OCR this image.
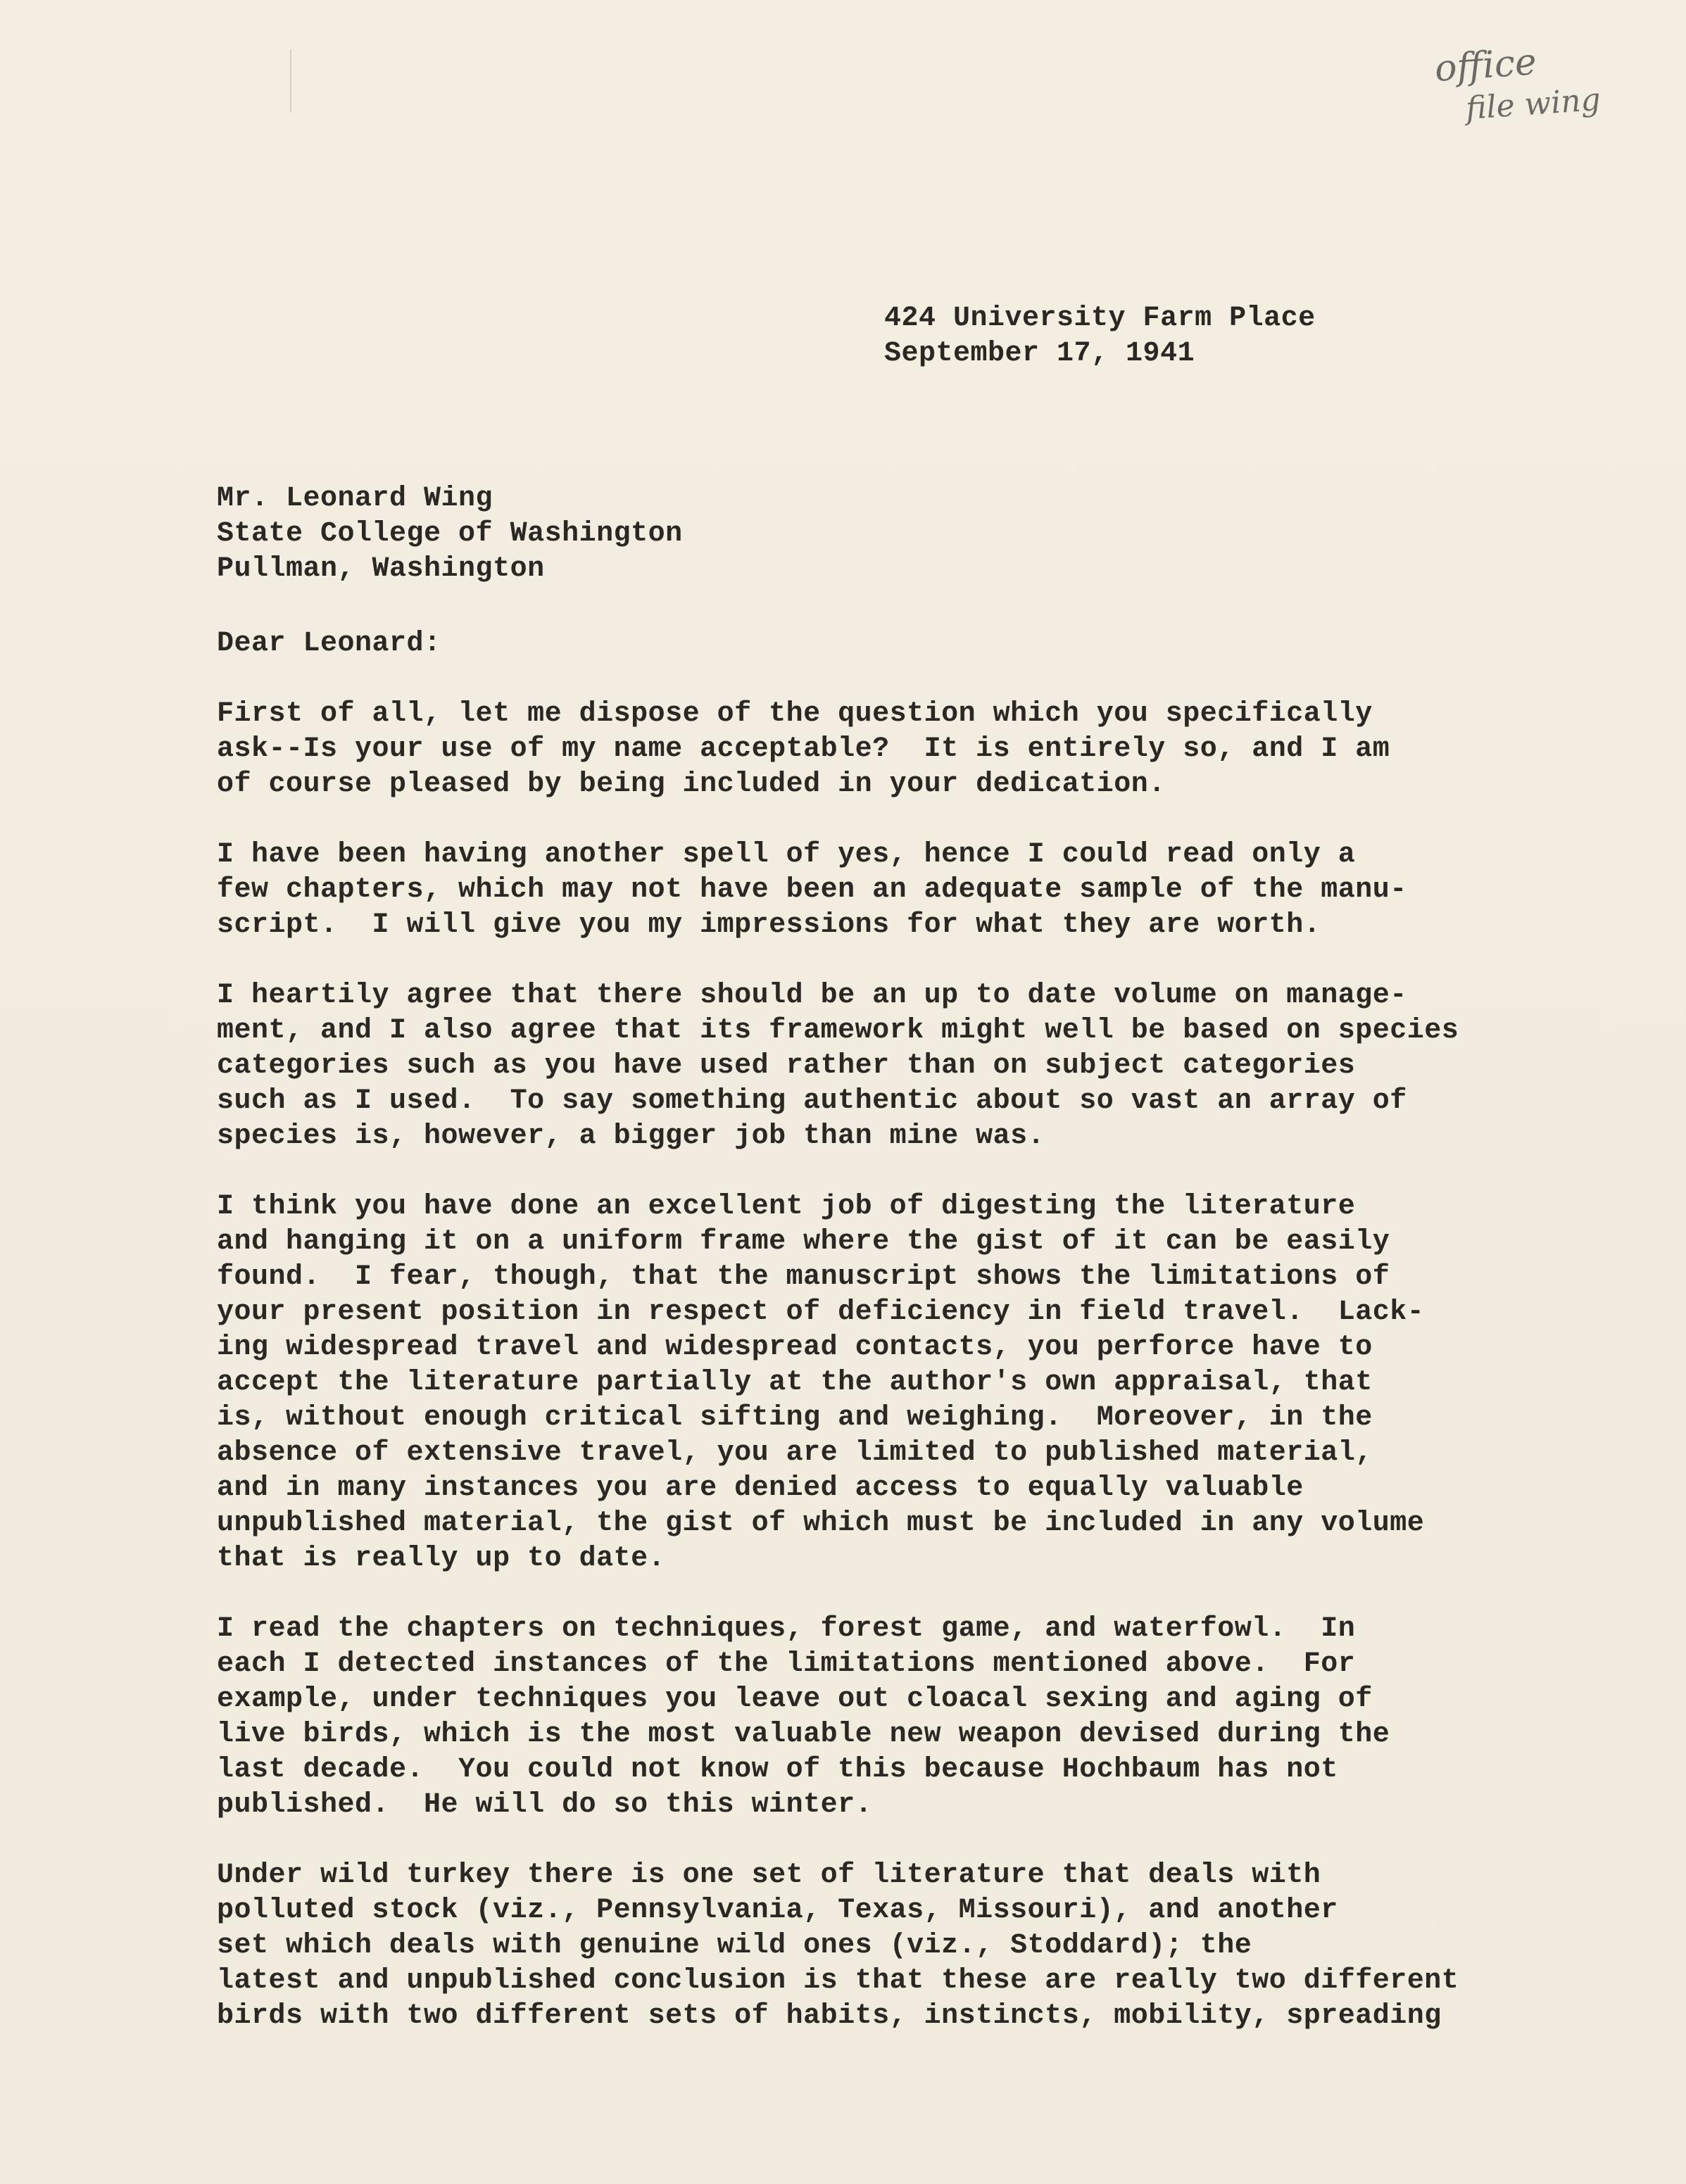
office
file wing

424 University Farm Place

September 17, 1941

Mr. Leonard Wing

State College of Washington

Pullman, Washington

Dear Leonard:

First of all, let me dispose of the question which you specifically

ask--Is your use of my name acceptable?  It is entirely so, and I am

of course pleased by being included in your dedication.

I have been having another spell of yes, hence I could read only a

few chapters, which may not have been an adequate sample of the manu-

script.  I will give you my impressions for what they are worth.

I heartily agree that there should be an up to date volume on manage-

ment, and I also agree that its framework might well be based on species

categories such as you have used rather than on subject categories

such as I used.  To say something authentic about so vast an array of

species is, however, a bigger job than mine was.

I think you have done an excellent job of digesting the literature

and hanging it on a uniform frame where the gist of it can be easily

found.  I fear, though, that the manuscript shows the limitations of

your present position in respect of deficiency in field travel.  Lack-

ing widespread travel and widespread contacts, you perforce have to

accept the literature partially at the author's own appraisal, that

is, without enough critical sifting and weighing.  Moreover, in the

absence of extensive travel, you are limited to published material,

and in many instances you are denied access to equally valuable

unpublished material, the gist of which must be included in any volume

that is really up to date.

I read the chapters on techniques, forest game, and waterfowl.  In

each I detected instances of the limitations mentioned above.  For

example, under techniques you leave out cloacal sexing and aging of

live birds, which is the most valuable new weapon devised during the

last decade.  You could not know of this because Hochbaum has not

published.  He will do so this winter.

Under wild turkey there is one set of literature that deals with

polluted stock (viz., Pennsylvania, Texas, Missouri), and another

set which deals with genuine wild ones (viz., Stoddard); the

latest and unpublished conclusion is that these are really two different

birds with two different sets of habits, instincts, mobility, spreading
